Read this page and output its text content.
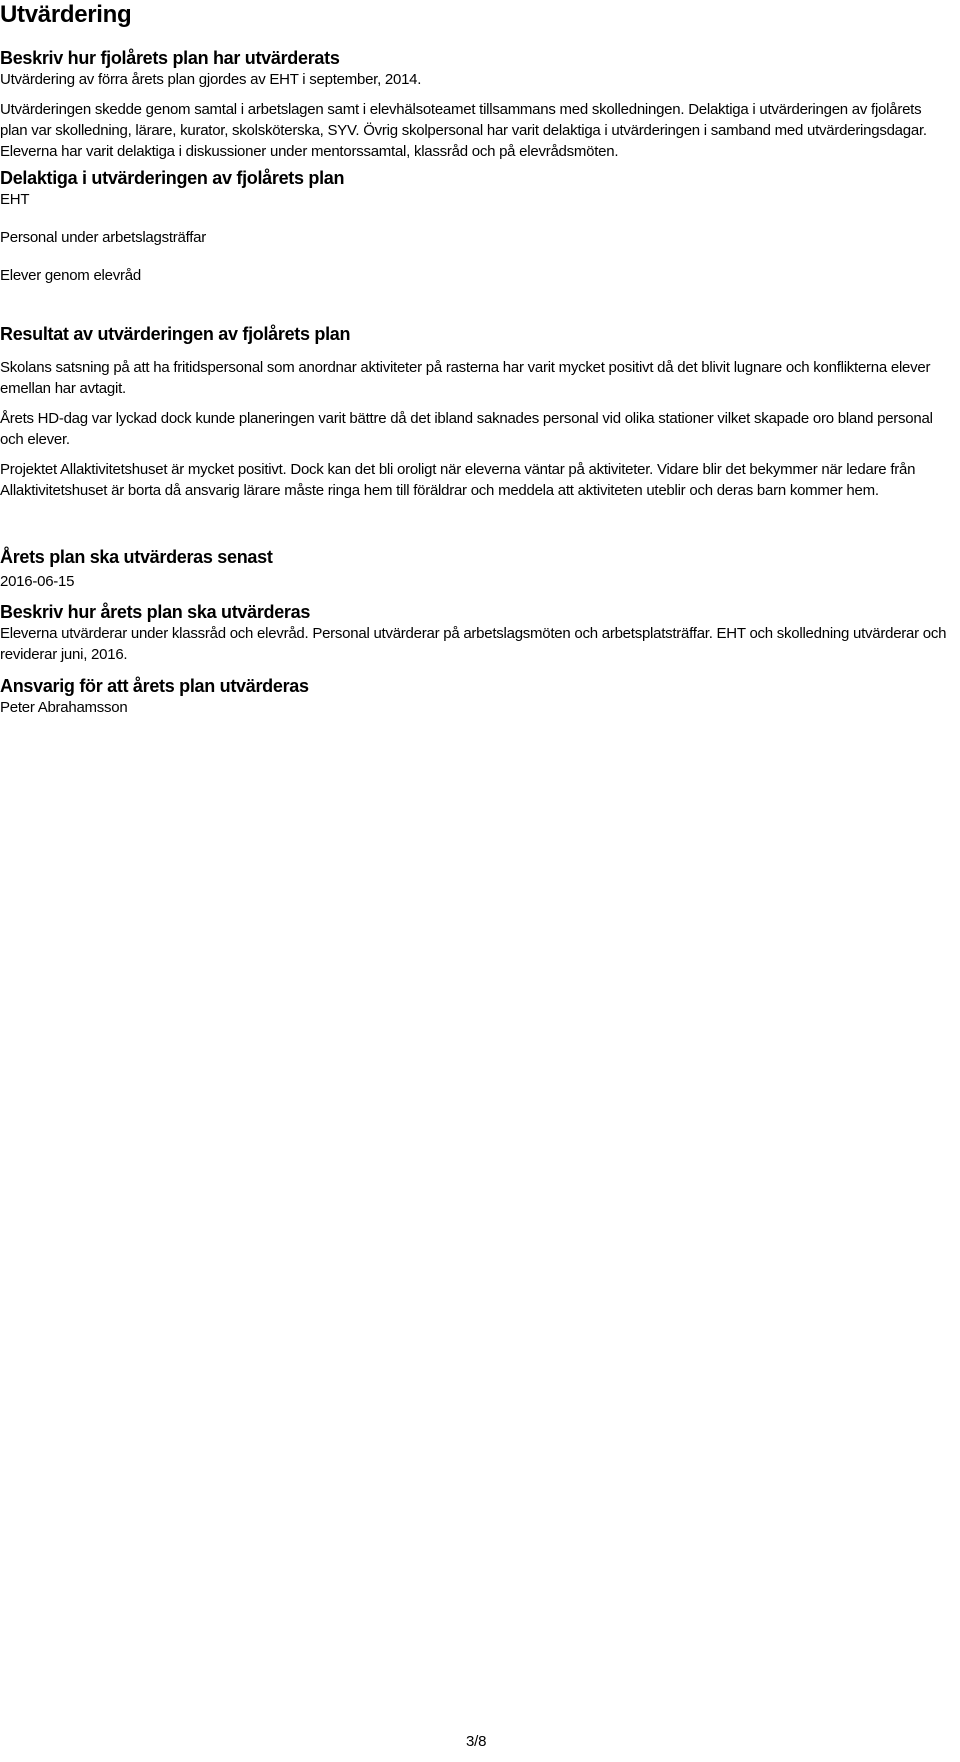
Utvärdering
Beskriv hur fjolårets plan har utvärderats

Utvärdering av förra årets plan gjordes av EHT i september, 2014.

Utvärderingen skedde genom samtal i arbetslagen samt i elevhälsoteamet tillsammans med skolledningen. Delaktiga i utvärderingen av fjolårets plan var skolledning, lärare, kurator, skolsköterska, SYV. Övrig skolpersonal har varit delaktiga i utvärderingen i samband med utvärderingsdagar. Eleverna har varit delaktiga i diskussioner under mentorssamtal, klassråd och på elevrådsmöten.

Delaktiga i utvärderingen av fjolårets plan

EHT

Personal under arbetslagsträffar

Elever genom elevråd

Resultat av utvärderingen av fjolårets plan

Skolans satsning på att ha fritidspersonal som anordnar aktiviteter på rasterna har varit mycket positivt då det blivit lugnare och konflikterna elever emellan har avtagit.

Årets HD-dag var lyckad dock kunde planeringen varit bättre då det ibland saknades personal vid olika stationer vilket skapade oro bland personal och elever.

Projektet Allaktivitetshuset är mycket positivt. Dock kan det bli oroligt när eleverna väntar på aktiviteter. Vidare blir det bekymmer när ledare från Allaktivitetshuset är borta då ansvarig lärare måste ringa hem till föräldrar och meddela att aktiviteten uteblir och deras barn kommer hem.

Årets plan ska utvärderas senast

2016-06-15

Beskriv hur årets plan ska utvärderas

Eleverna utvärderar under klassråd och elevråd. Personal utvärderar på arbetslagsmöten och arbetsplatsträffar. EHT och skolledning utvärderar och reviderar juni, 2016.

Ansvarig för att årets plan utvärderas

Peter Abrahamsson

3/8
